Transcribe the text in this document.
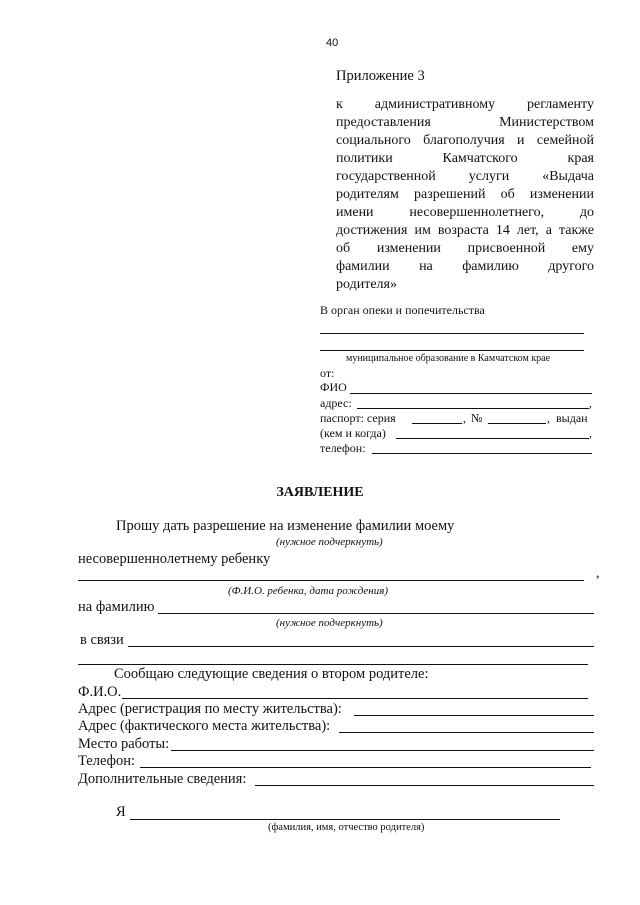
40
Приложение 3
к административному регламенту
предоставления Министерством
социального благополучия и семейной
политики Камчатского края
государственной услуги «Выдача
родителям разрешений об изменении
имени несовершеннолетнего, до
достижения им возраста 14 лет, а также
об изменении присвоенной ему
фамилии на фамилию другого
родителя»
В орган опеки и попечительства
муниципальное образование в Камчатском крае
от:
ФИО
адрес:	,
паспорт: серия	, №	, выдан
(кем и когда)	,
телефон:
ЗАЯВЛЕНИЕ
Прошу дать разрешение на изменение фамилии моему
(нужное подчеркнуть)
несовершеннолетнему ребенку
,
(Ф.И.О. ребенка, дата рождения)
на фамилию
(нужное подчеркнуть)
в связи
Сообщаю следующие сведения о втором родителе:
Ф.И.О.
Адрес (регистрация по месту жительства):
Адрес (фактического места жительства):
Место работы:
Телефон:
Дополнительные сведения:
Я
(фамилия, имя, отчество родителя)
